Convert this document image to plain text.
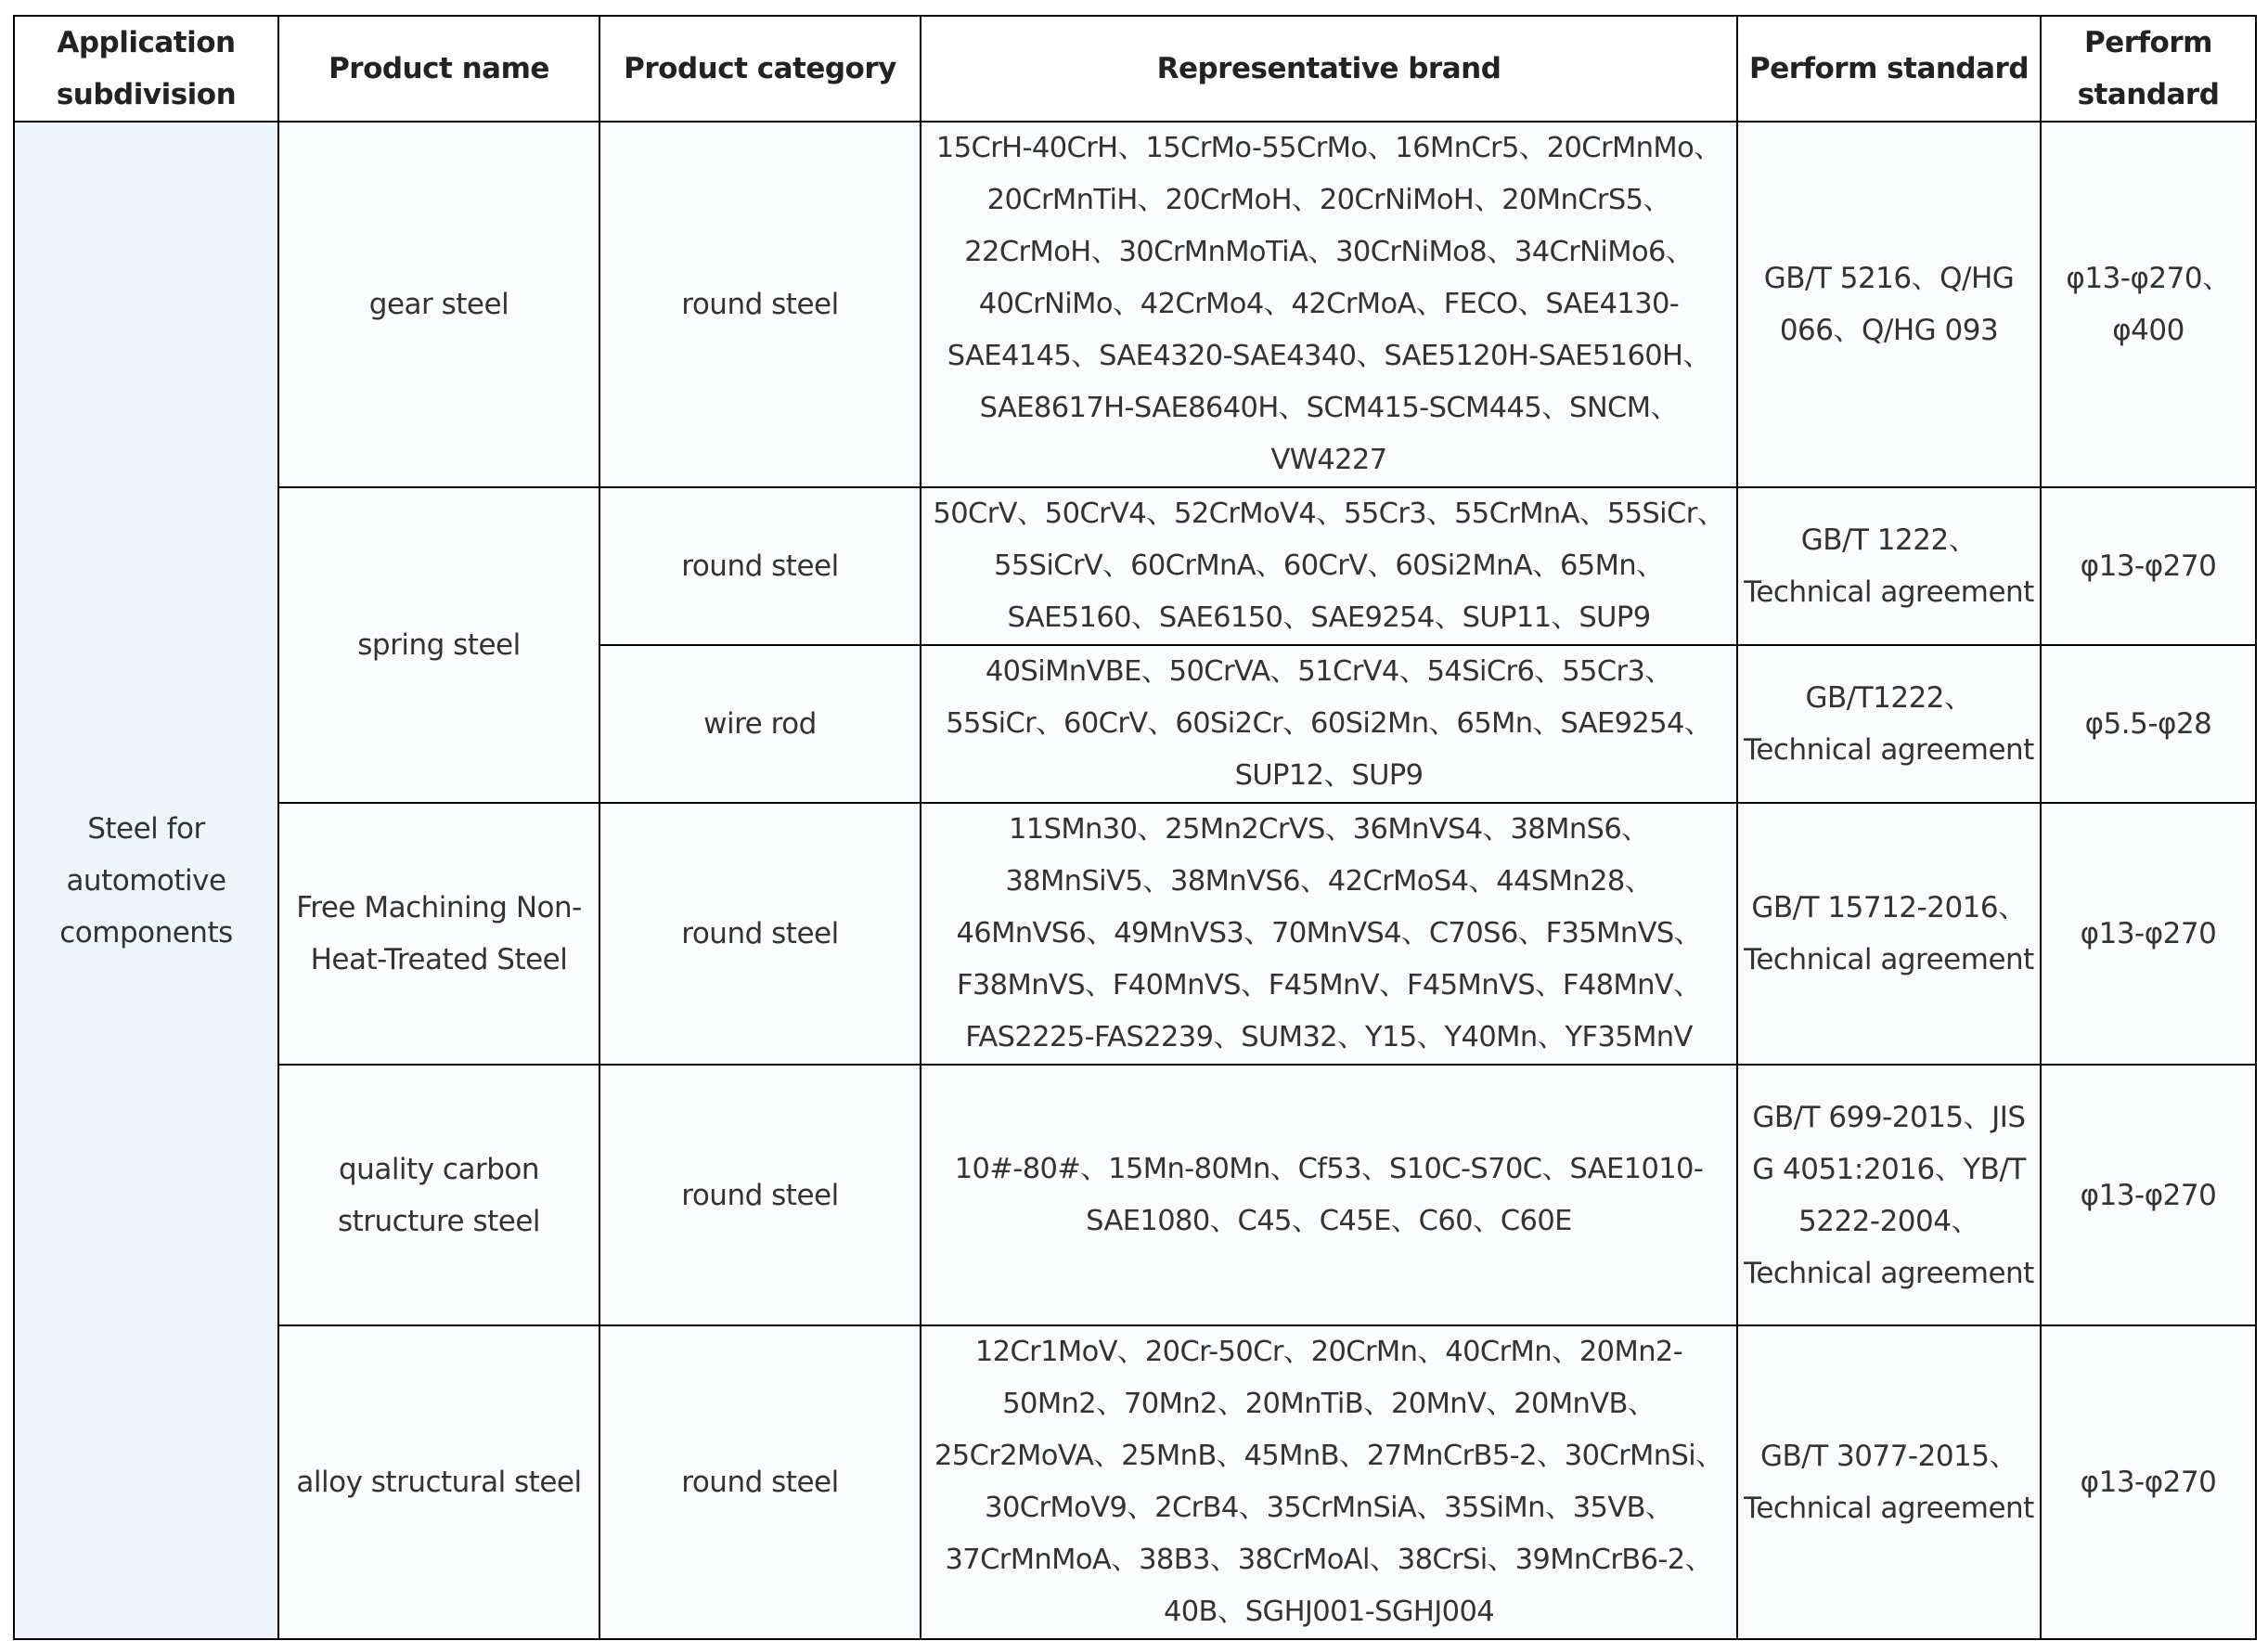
Application subdivision	Product name	Product category	Representative brand	Perform standard	Perform standard
Steel for automotive components	gear steel	round steel	15CrH-40CrH、15CrMo-55CrMo、16MnCr5、20CrMnMo、20CrMnTiH、20CrMoH、20CrNiMoH、20MnCrS5、22CrMoH、30CrMnMoTiA、30CrNiMo8、34CrNiMo6、40CrNiMo、42CrMo4、42CrMoA、FECO、SAE4130-SAE4145、SAE4320-SAE4340、SAE5120H-SAE5160H、SAE8617H-SAE8640H、SCM415-SCM445、SNCM、VW4227	GB/T 5216、Q/HG 066、Q/HG 093	φ13-φ270、φ400
	spring steel	round steel	50CrV、50CrV4、52CrMoV4、55Cr3、55CrMnA、55SiCr、55SiCrV、60CrMnA、60CrV、60Si2MnA、65Mn、SAE5160、SAE6150、SAE9254、SUP11、SUP9	GB/T 1222、Technical agreement	φ13-φ270
		wire rod	40SiMnVBE、50CrVA、51CrV4、54SiCr6、55Cr3、55SiCr、60CrV、60Si2Cr、60Si2Mn、65Mn、SAE9254、SUP12、SUP9	GB/T1222、Technical agreement	φ5.5-φ28
	Free Machining Non-Heat-Treated Steel	round steel	11SMn30、25Mn2CrVS、36MnVS4、38MnS6、38MnSiV5、38MnVS6、42CrMoS4、44SMn28、46MnVS6、49MnVS3、70MnVS4、C70S6、F35MnVS、F38MnVS、F40MnVS、F45MnV、F45MnVS、F48MnV、FAS2225-FAS2239、SUM32、Y15、Y40Mn、YF35MnV	GB/T 15712-2016、Technical agreement	φ13-φ270
	quality carbon structure steel	round steel	10#-80#、15Mn-80Mn、Cf53、S10C-S70C、SAE1010-SAE1080、C45、C45E、C60、C60E	GB/T 699-2015、JIS G 4051:2016、YB/T 5222-2004、Technical agreement	φ13-φ270
	alloy structural steel	round steel	12Cr1MoV、20Cr-50Cr、20CrMn、40CrMn、20Mn2-50Mn2、70Mn2、20MnTiB、20MnV、20MnVB、25Cr2MoVA、25MnB、45MnB、27MnCrB5-2、30CrMnSi、30CrMoV9、2CrB4、35CrMnSiA、35SiMn、35VB、37CrMnMoA、38B3、38CrMoAl、38CrSi、39MnCrB6-2、40B、SGHJ001-SGHJ004	GB/T 3077-2015、Technical agreement	φ13-φ270
